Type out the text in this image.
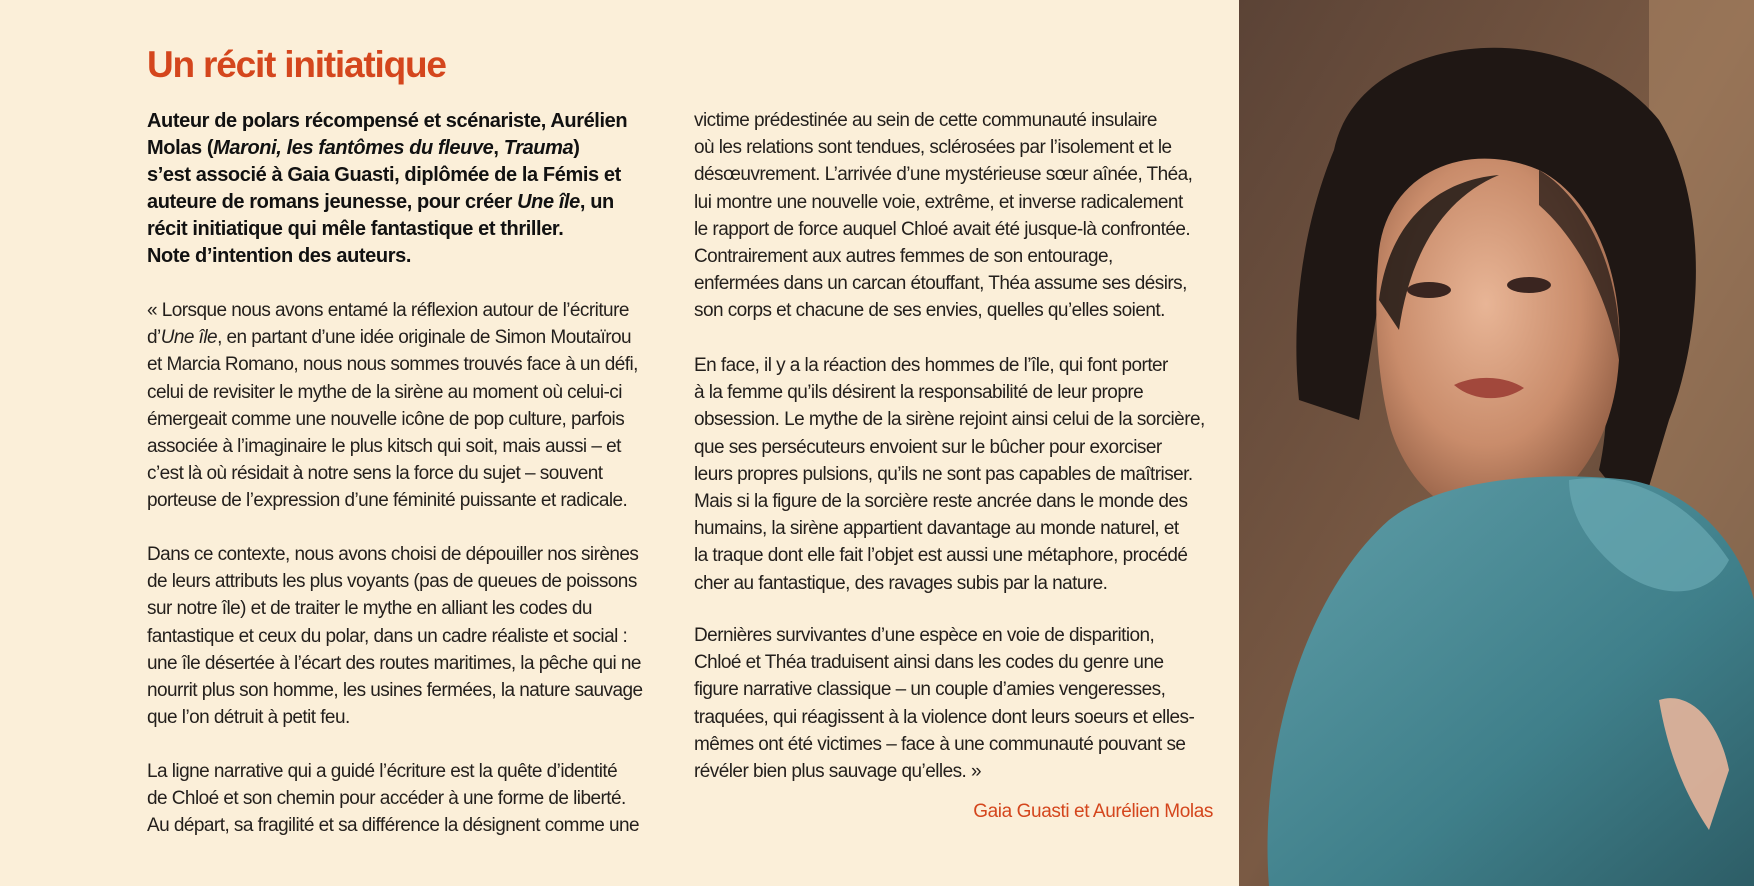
Un récit initiatique
Auteur de polars récompensé et scénariste, Aurélien
Molas (Maroni, les fantômes du fleuve, Trauma)
s’est associé à Gaia Guasti, diplômée de la Fémis et
auteure de romans jeunesse, pour créer Une île, un
récit initiatique qui mêle fantastique et thriller.
Note d’intention des auteurs.
« Lorsque nous avons entamé la réflexion autour de l’écriture
d’Une île, en partant d’une idée originale de Simon Moutaïrou
et Marcia Romano, nous nous sommes trouvés face à un défi,
celui de revisiter le mythe de la sirène au moment où celui-ci
émergeait comme une nouvelle icône de pop culture, parfois
associée à l’imaginaire le plus kitsch qui soit, mais aussi – et
c’est là où résidait à notre sens la force du sujet – souvent
porteuse de l’expression d’une féminité puissante et radicale.
Dans ce contexte, nous avons choisi de dépouiller nos sirènes
de leurs attributs les plus voyants (pas de queues de poissons
sur notre île) et de traiter le mythe en alliant les codes du
fantastique et ceux du polar, dans un cadre réaliste et social :
une île désertée à l’écart des routes maritimes, la pêche qui ne
nourrit plus son homme, les usines fermées, la nature sauvage
que l’on détruit à petit feu.
La ligne narrative qui a guidé l’écriture est la quête d’identité
de Chloé et son chemin pour accéder à une forme de liberté.
Au départ, sa fragilité et sa différence la désignent comme une
victime prédestinée au sein de cette communauté insulaire
où les relations sont tendues, sclérosées par l’isolement et le
désœuvrement. L’arrivée d’une mystérieuse sœur aînée, Théa,
lui montre une nouvelle voie, extrême, et inverse radicalement
le rapport de force auquel Chloé avait été jusque-là confrontée.
Contrairement aux autres femmes de son entourage,
enfermées dans un carcan étouffant, Théa assume ses désirs,
son corps et chacune de ses envies, quelles qu’elles soient.
En face, il y a la réaction des hommes de l’île, qui font porter
à la femme qu’ils désirent la responsabilité de leur propre
obsession. Le mythe de la sirène rejoint ainsi celui de la sorcière,
que ses persécuteurs envoient sur le bûcher pour exorciser
leurs propres pulsions, qu’ils ne sont pas capables de maîtriser.
Mais si la figure de la sorcière reste ancrée dans le monde des
humains, la sirène appartient davantage au monde naturel, et
la traque dont elle fait l’objet est aussi une métaphore, procédé
cher au fantastique, des ravages subis par la nature.
Dernières survivantes d’une espèce en voie de disparition,
Chloé et Théa traduisent ainsi dans les codes du genre une
figure narrative classique – un couple d’amies vengeresses,
traquées, qui réagissent à la violence dont leurs soeurs et elles-
mêmes ont été victimes – face à une communauté pouvant se
révéler bien plus sauvage qu’elles. »
Gaia Guasti et Aurélien Molas
